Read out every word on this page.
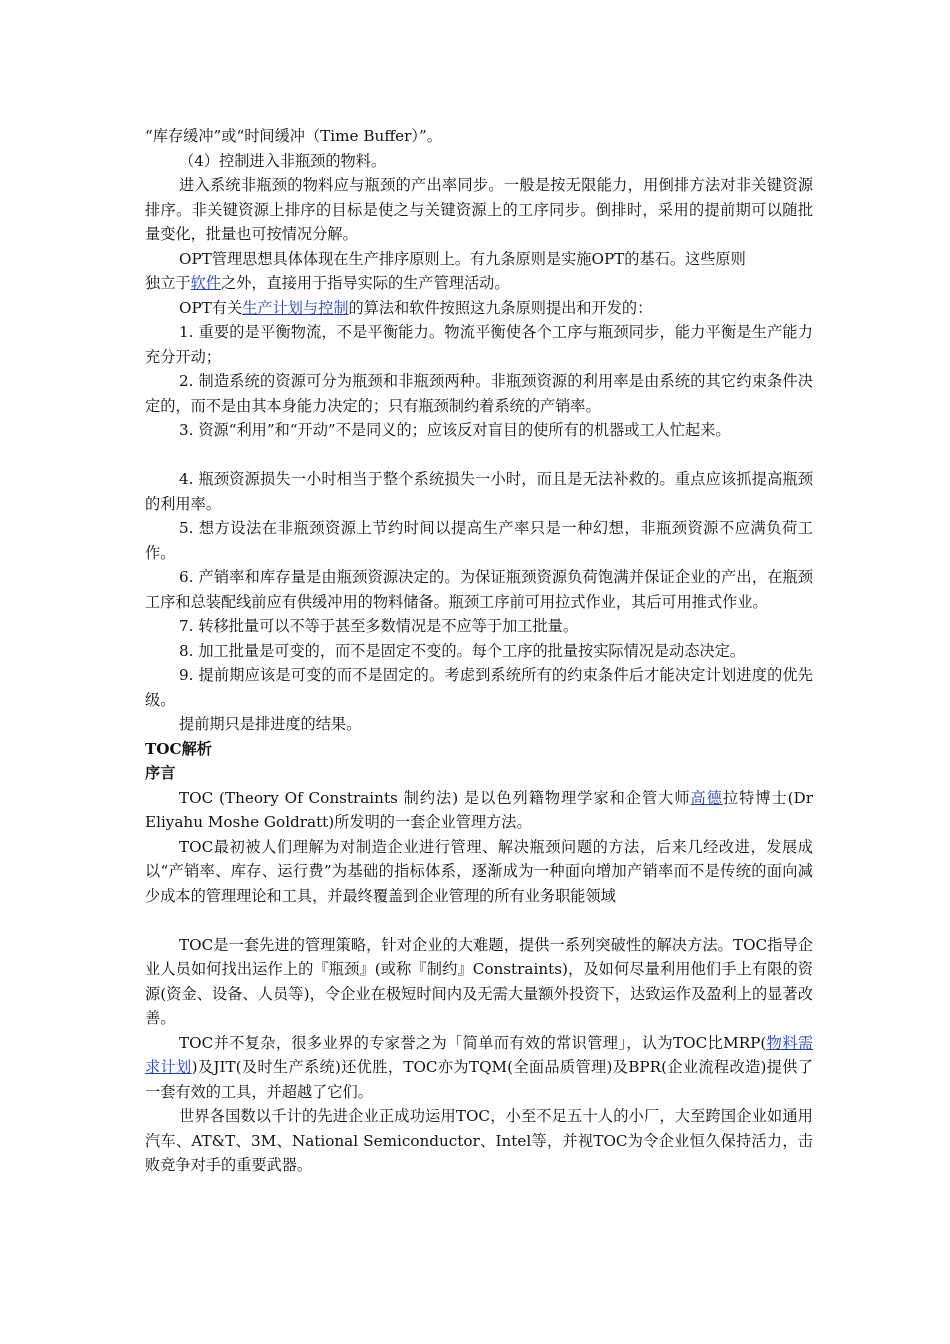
“库存缓冲”或“时间缓冲（Time Buffer）”。

（4）控制进入非瓶颈的物料。

进入系统非瓶颈的物料应与瓶颈的产出率同步。一般是按无限能力，用倒排方法对非关键资源排序。非关键资源上排序的目标是使之与关键资源上的工序同步。倒排时，采用的提前期可以随批量变化，批量也可按情况分解。

OPT管理思想具体体现在生产排序原则上。有九条原则是实施OPT的基石。这些原则

独立于软件之外，直接用于指导实际的生产管理活动。

OPT有关生产计划与控制的算法和软件按照这九条原则提出和开发的：

1. 重要的是平衡物流，不是平衡能力。物流平衡使各个工序与瓶颈同步，能力平衡是生产能力充分开动；

2. 制造系统的资源可分为瓶颈和非瓶颈两种。非瓶颈资源的利用率是由系统的其它约束条件决定的，而不是由其本身能力决定的；只有瓶颈制约着系统的产销率。

3. 资源“利用”和“开动”不是同义的；应该反对盲目的使所有的机器或工人忙起来。

4. 瓶颈资源损失一小时相当于整个系统损失一小时，而且是无法补救的。重点应该抓提高瓶颈的利用率。

5. 想方设法在非瓶颈资源上节约时间以提高生产率只是一种幻想，非瓶颈资源不应满负荷工作。

6. 产销率和库存量是由瓶颈资源决定的。为保证瓶颈资源负荷饱满并保证企业的产出，在瓶颈工序和总装配线前应有供缓冲用的物料储备。瓶颈工序前可用拉式作业，其后可用推式作业。

7. 转移批量可以不等于甚至多数情况是不应等于加工批量。

8. 加工批量是可变的，而不是固定不变的。每个工序的批量按实际情况是动态决定。

9. 提前期应该是可变的而不是固定的。考虑到系统所有的约束条件后才能决定计划进度的优先级。

提前期只是排进度的结果。

TOC解析

序言

TOC (Theory Of Constraints 制约法) 是以色列籍物理学家和企管大师高德拉特博士(Dr Eliyahu Moshe Goldratt)所发明的一套企业管理方法。

TOC最初被人们理解为对制造企业进行管理、解决瓶颈问题的方法，后来几经改进，发展成以“产销率、库存、运行费”为基础的指标体系，逐渐成为一种面向增加产销率而不是传统的面向减少成本的管理理论和工具，并最终覆盖到企业管理的所有业务职能领域

TOC是一套先进的管理策略，针对企业的大难题，提供一系列突破性的解决方法。TOC指导企业人员如何找出运作上的『瓶颈』(或称『制约』Constraints)，及如何尽量利用他们手上有限的资源(资金、设备、人员等)，令企业在极短时间内及无需大量额外投资下，达致运作及盈利上的显著改善。

TOC并不复杂，很多业界的专家誉之为「简单而有效的常识管理」，认为TOC比MRP(物料需求计划)及JIT(及时生产系统)还优胜，TOC亦为TQM(全面品质管理)及BPR(企业流程改造)提供了一套有效的工具，并超越了它们。

世界各国数以千计的先进企业正成功运用TOC，小至不足五十人的小厂，大至跨国企业如通用汽车、AT&T、3M、National Semiconductor、Intel等，并视TOC为令企业恒久保持活力，击败竞争对手的重要武器。
